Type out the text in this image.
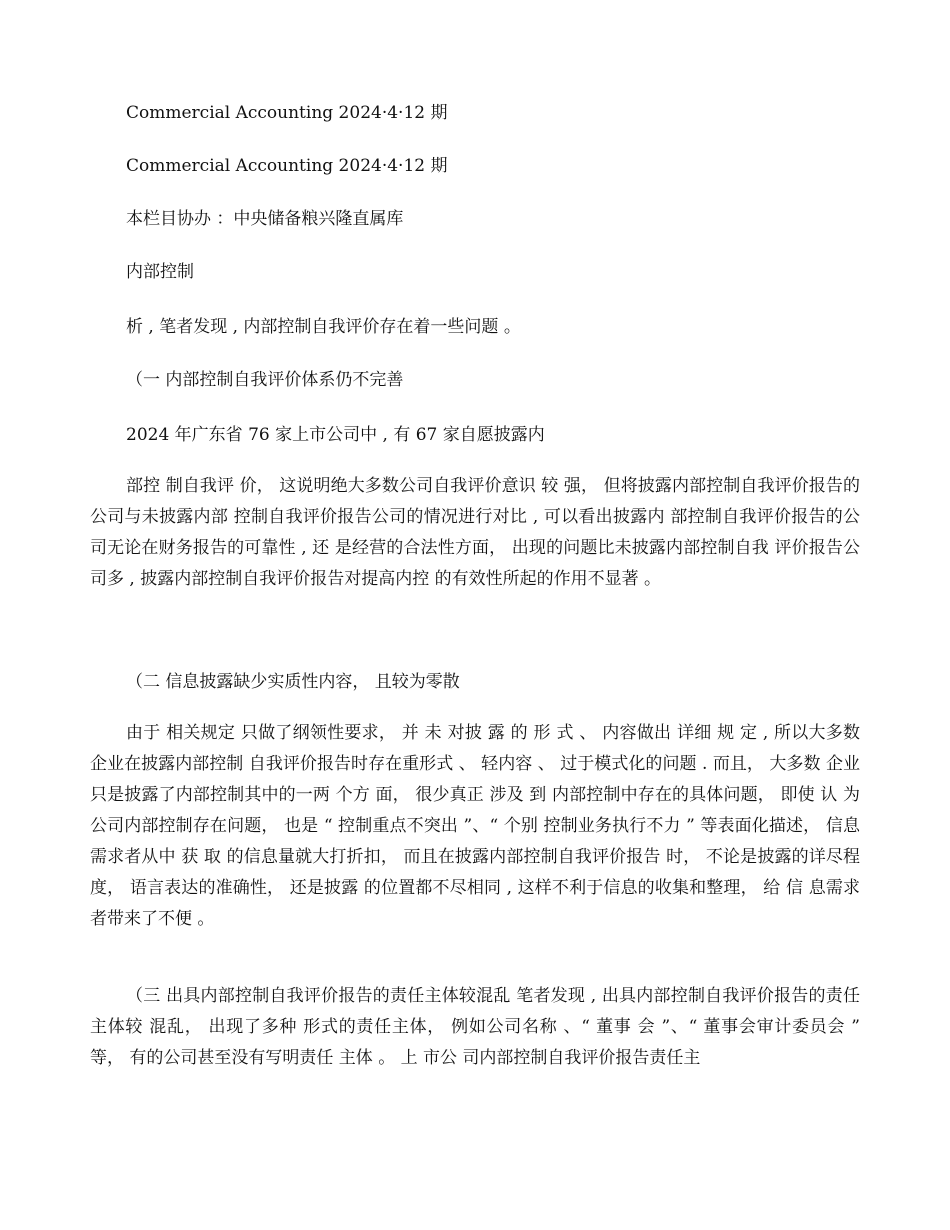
Commercial Accounting 2024·4·12 期
Commercial Accounting 2024·4·12 期
本栏目协办 ：中央储备粮兴隆直属库
内部控制
析 , 笔者发现 , 内部控制自我评价存在着一些问题 。
（一 内部控制自我评价体系仍不完善
2024 年广东省 76 家上市公司中 , 有 67 家自愿披露内

部控 制自我评 价， 这说明绝大多数公司自我评价意识 较 强， 但将披露内部控制自我评价报告的公司与未披露内部 控制自我评价报告公司的情况进行对比 , 可以看出披露内 部控制自我评价报告的公司无论在财务报告的可靠性 , 还 是经营的合法性方面， 出现的问题比未披露内部控制自我 评价报告公司多 , 披露内部控制自我评价报告对提高内控 的有效性所起的作用不显著 。

（二 信息披露缺少实质性内容， 且较为零散

由于 相关规定 只做了纲领性要求， 并 未 对披 露 的 形 式 、 内容做出 详细 规 定 , 所以大多数企业在披露内部控制 自我评价报告时存在重形式 、 轻内容 、 过于模式化的问题 . 而且， 大多数 企业 只是披露了内部控制其中的一两 个方 面， 很少真正 涉及 到 内部控制中存在的具体问题， 即使 认 为公司内部控制存在问题， 也是 “ 控制重点不突出 ”、“ 个别 控制业务执行不力 ” 等表面化描述， 信息需求者从中 获 取 的信息量就大打折扣， 而且在披露内部控制自我评价报告 时， 不论是披露的详尽程度， 语言表达的准确性， 还是披露 的位置都不尽相同 , 这样不利于信息的收集和整理， 给 信 息需求者带来了不便 。

（三 出具内部控制自我评价报告的责任主体较混乱 笔者发现 , 出具内部控制自我评价报告的责任主体较 混乱， 出现了多种 形式的责任主体， 例如公司名称 、“ 董事 会 ”、“ 董事会审计委员会 ” 等， 有的公司甚至没有写明责任 主体 。 上 市公 司内部控制自我评价报告责任主
